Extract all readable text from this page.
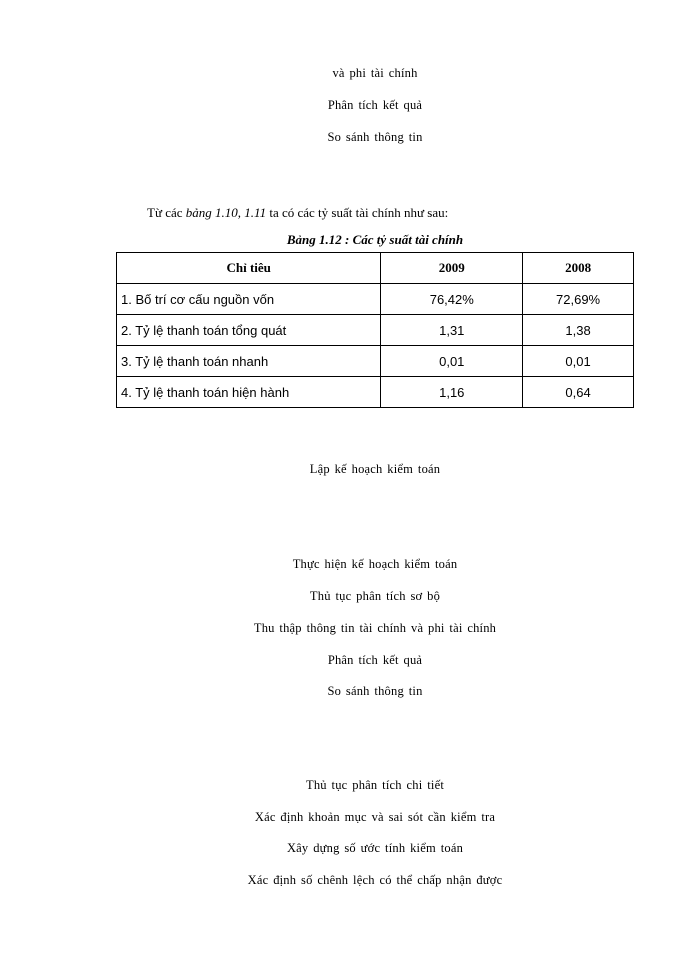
và phi tài chính
Phân tích kết quả
So sánh thông tin
Từ các bảng 1.10, 1.11 ta có các tỷ suất tài chính như sau:
Bảng 1.12 : Các tỷ suất tài chính
Chỉ tiêu	2009	2008
1. Bố trí cơ cấu nguồn vốn	76,42%	72,69%
2. Tỷ lệ thanh toán tổng quát	1,31	1,38
3. Tỷ lệ thanh toán nhanh	0,01	0,01
4. Tỷ lệ thanh toán hiện hành	1,16	0,64
Lập kế hoạch kiểm toán
Thực hiện kế hoạch kiểm toán
Thủ tục phân tích sơ bộ
Thu thập thông tin tài chính và phi tài chính
Phân tích kết quả
So sánh thông tin
Thủ tục phân tích chi tiết
Xác định khoản mục và sai sót cần kiểm tra
Xây dựng số ước tính kiểm toán
Xác định số chênh lệch có thể chấp nhận được
